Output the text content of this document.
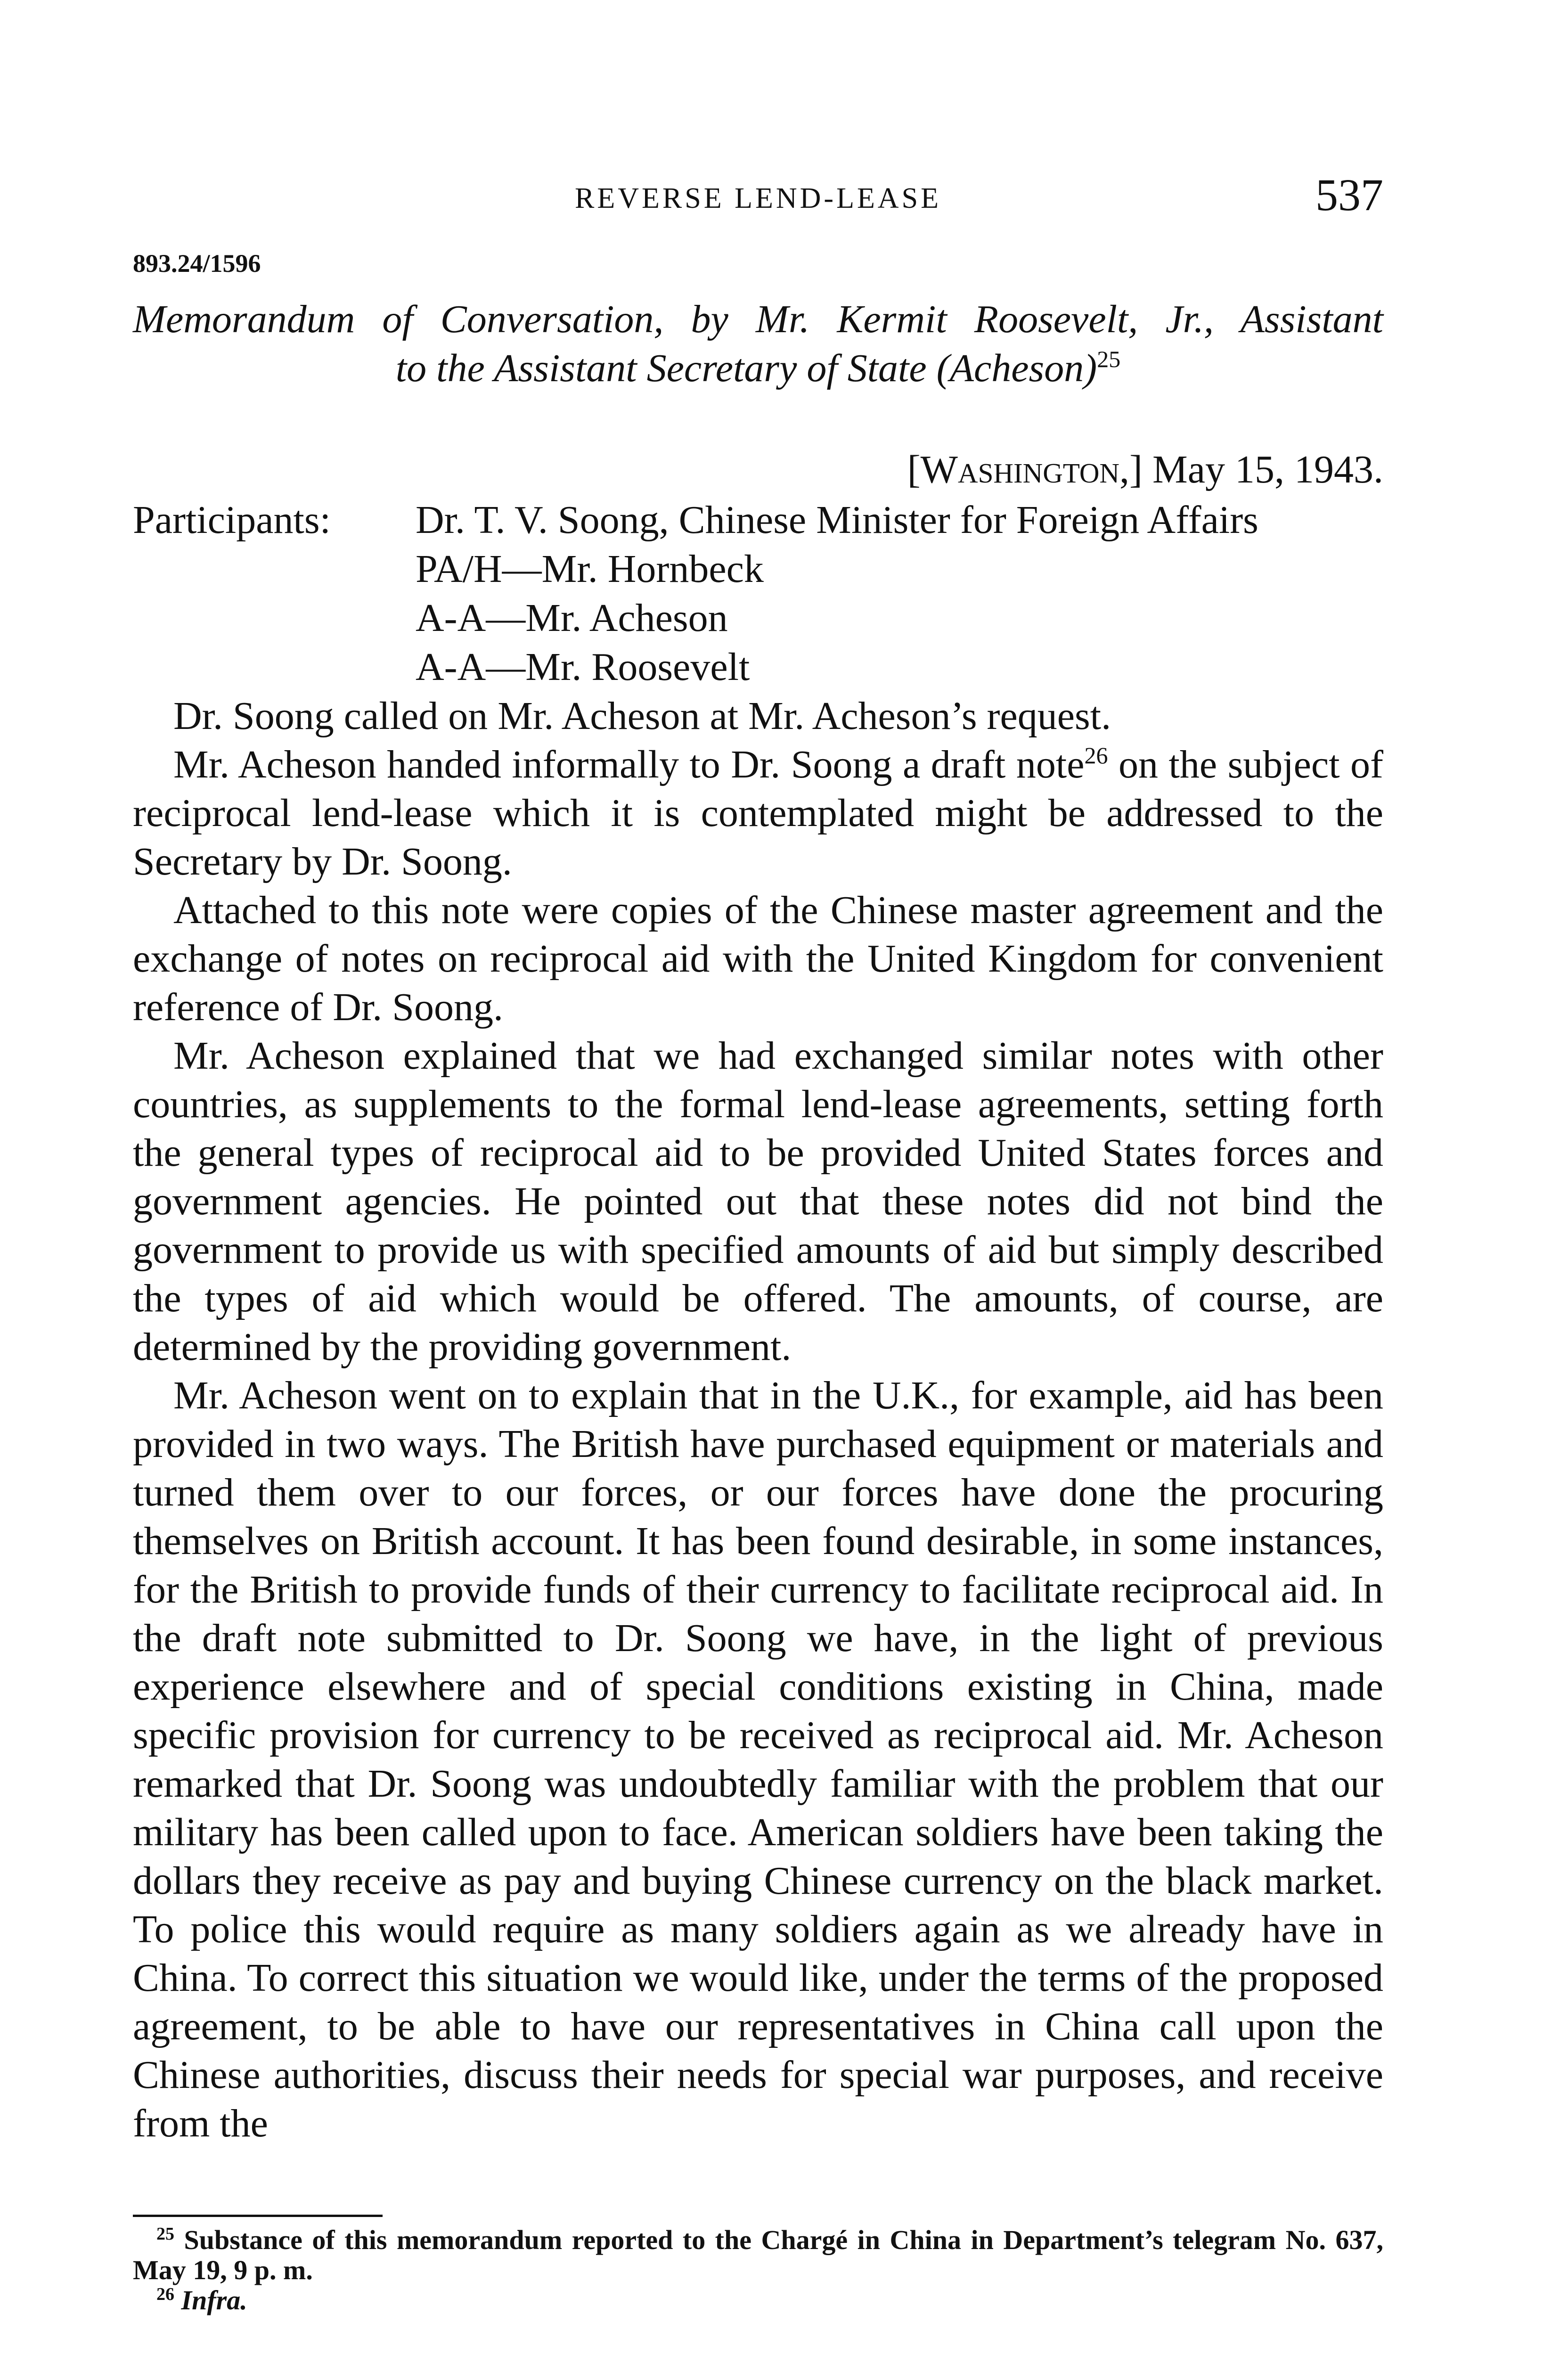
REVERSE LEND-LEASE	537
893.24/1596
Memorandum of Conversation, by Mr. Kermit Roosevelt, Jr., Assistant
to the Assistant Secretary of State (Acheson)$^{25}$
[Washington,] May 15, 1943.
Participants: Dr. T. V. Soong, Chinese Minister for Foreign Affairs
PA/H—Mr. Hornbeck
A-A—Mr. Acheson
A-A—Mr. Roosevelt

Dr. Soong called on Mr. Acheson at Mr. Acheson’s request.

Mr. Acheson handed informally to Dr. Soong a draft note$^{26}$ on the subject of reciprocal lend-lease which it is contemplated might be addressed to the Secretary by Dr. Soong.

Attached to this note were copies of the Chinese master agreement and the exchange of notes on reciprocal aid with the United Kingdom for convenient reference of Dr. Soong.

Mr. Acheson explained that we had exchanged similar notes with other countries, as supplements to the formal lend-lease agreements, setting forth the general types of reciprocal aid to be provided United States forces and government agencies. He pointed out that these notes did not bind the government to provide us with specified amounts of aid but simply described the types of aid which would be offered. The amounts, of course, are determined by the providing government.

Mr. Acheson went on to explain that in the U.K., for example, aid has been provided in two ways. The British have purchased equipment or materials and turned them over to our forces, or our forces have done the procuring themselves on British account. It has been found desirable, in some instances, for the British to provide funds of their currency to facilitate reciprocal aid. In the draft note submitted to Dr. Soong we have, in the light of previous experience elsewhere and of special conditions existing in China, made specific provision for currency to be received as reciprocal aid. Mr. Acheson remarked that Dr. Soong was undoubtedly familiar with the problem that our military has been called upon to face. American soldiers have been taking the dollars they receive as pay and buying Chinese currency on the black market. To police this would require as many soldiers again as we already have in China. To correct this situation we would like, under the terms of the proposed agreement, to be able to have our representatives in China call upon the Chinese authorities, discuss their needs for special war purposes, and receive from the

$^{25}$ Substance of this memorandum reported to the Chargé in China in Department’s telegram No. 637, May 19, 9 p. m.

$^{26}$ Infra.
